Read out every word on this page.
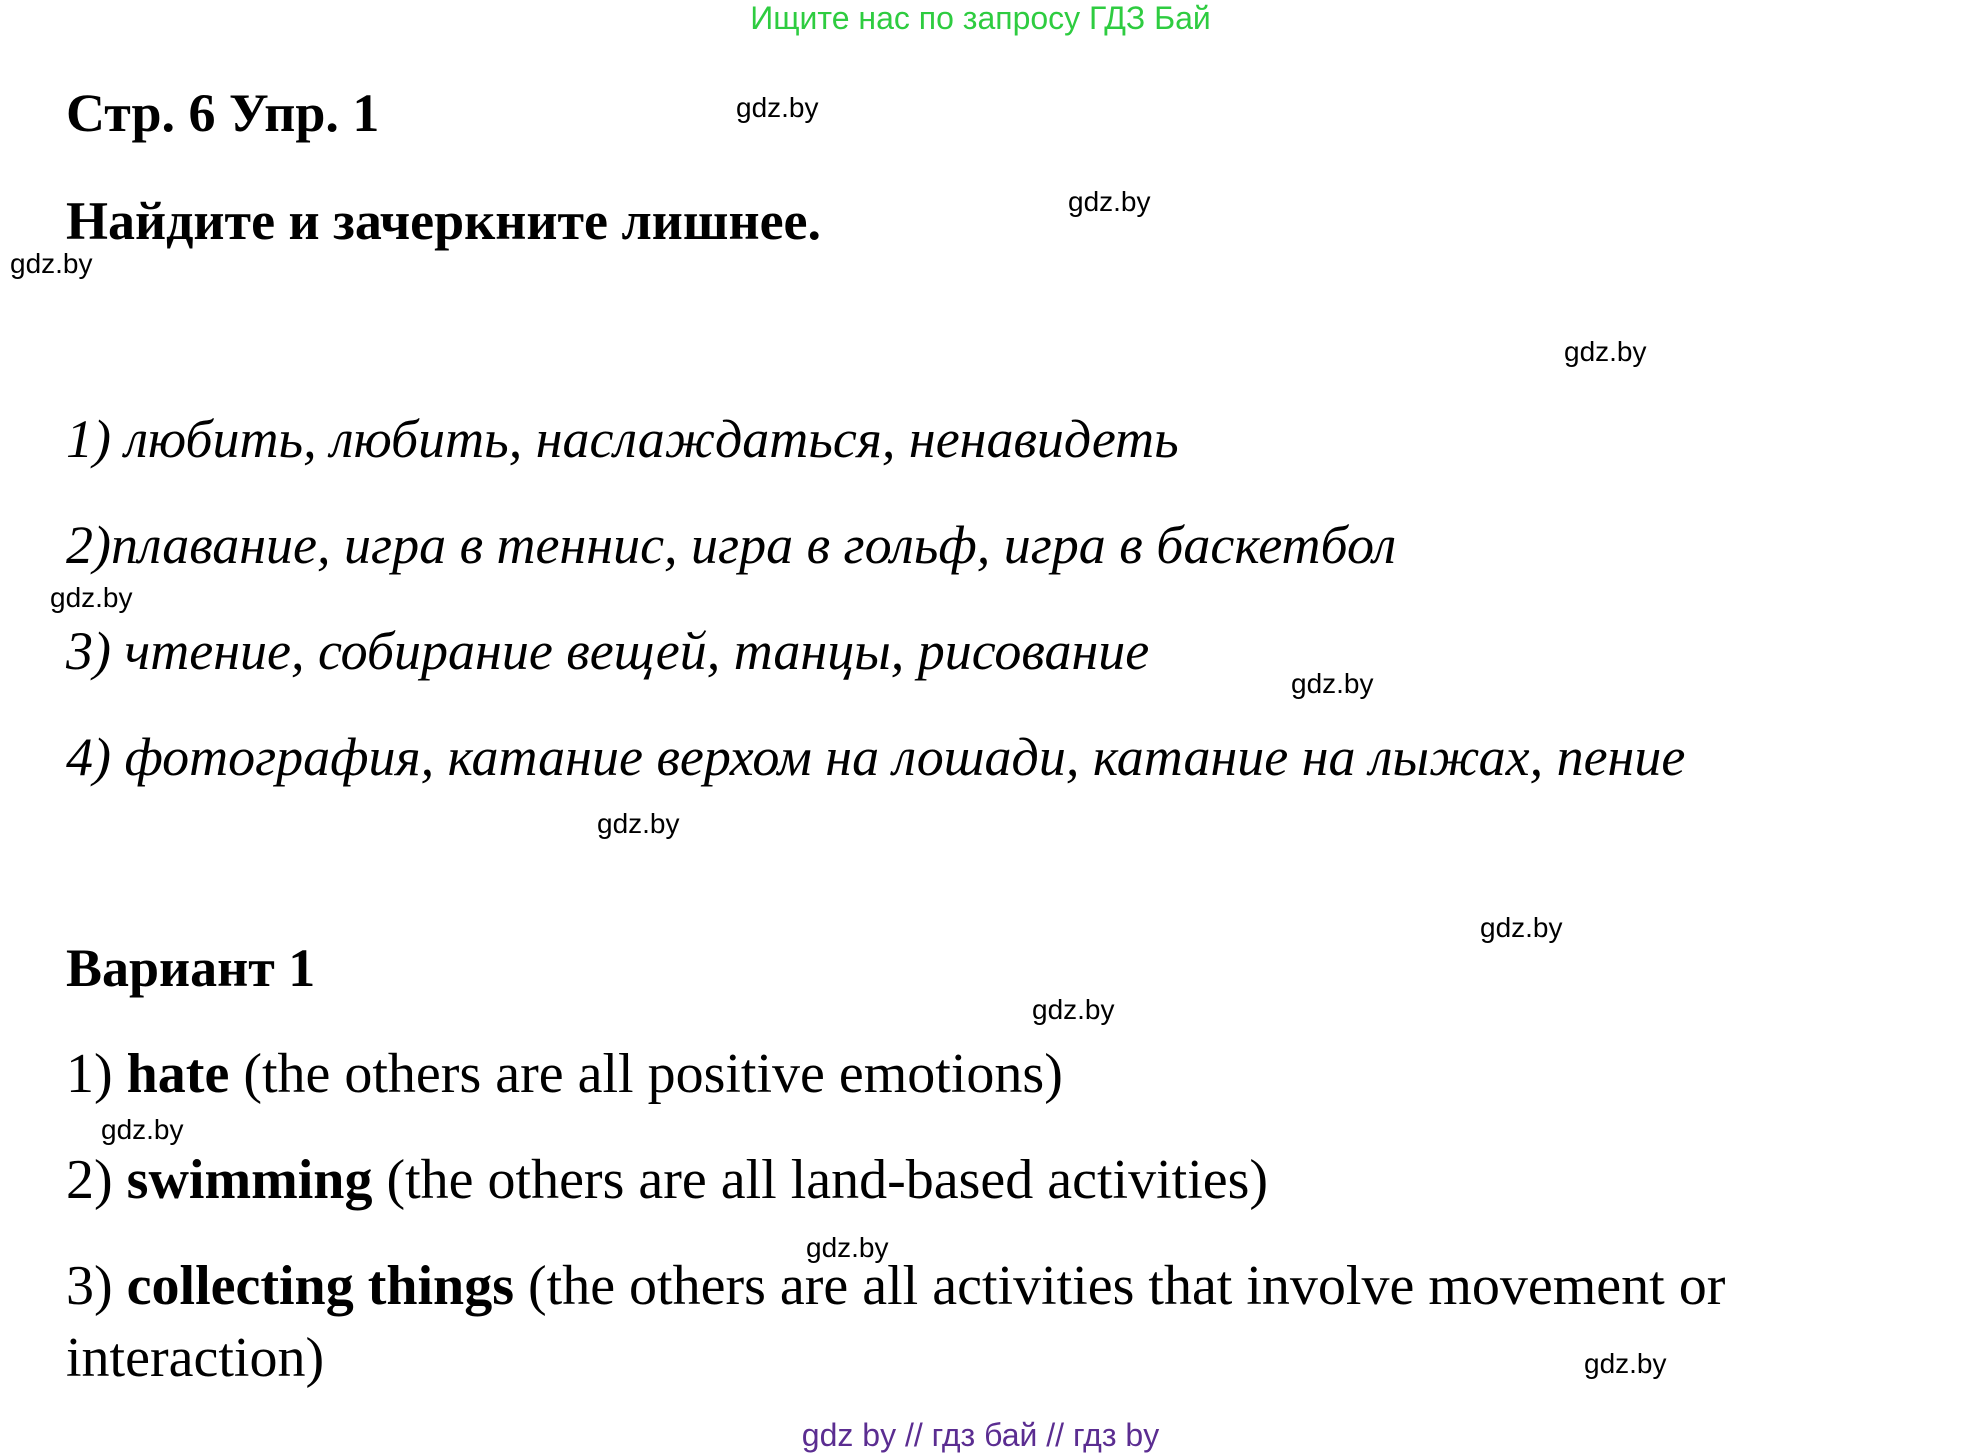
Ищите нас по запросу ГДЗ Бай
Стр. 6 Упр. 1
Найдите и зачеркните лишнее.
1) любить, любить, наслаждаться, ненавидеть
2)плавание, игра в теннис, игра в гольф, игра в баскетбол
3) чтение, собирание вещей, танцы, рисование
4) фотография, катание верхом на лошади, катание на лыжах, пение
Вариант 1
1) hate (the others are all positive emotions)
2) swimming (the others are all land-based activities)
3) collecting things (the others are all activities that involve movement or interaction)
gdz.by
gdz.by
gdz.by
gdz.by
gdz.by
gdz.by
gdz.by
gdz.by
gdz.by
gdz.by
gdz.by
gdz.by
gdz by // гдз бай // гдз by
